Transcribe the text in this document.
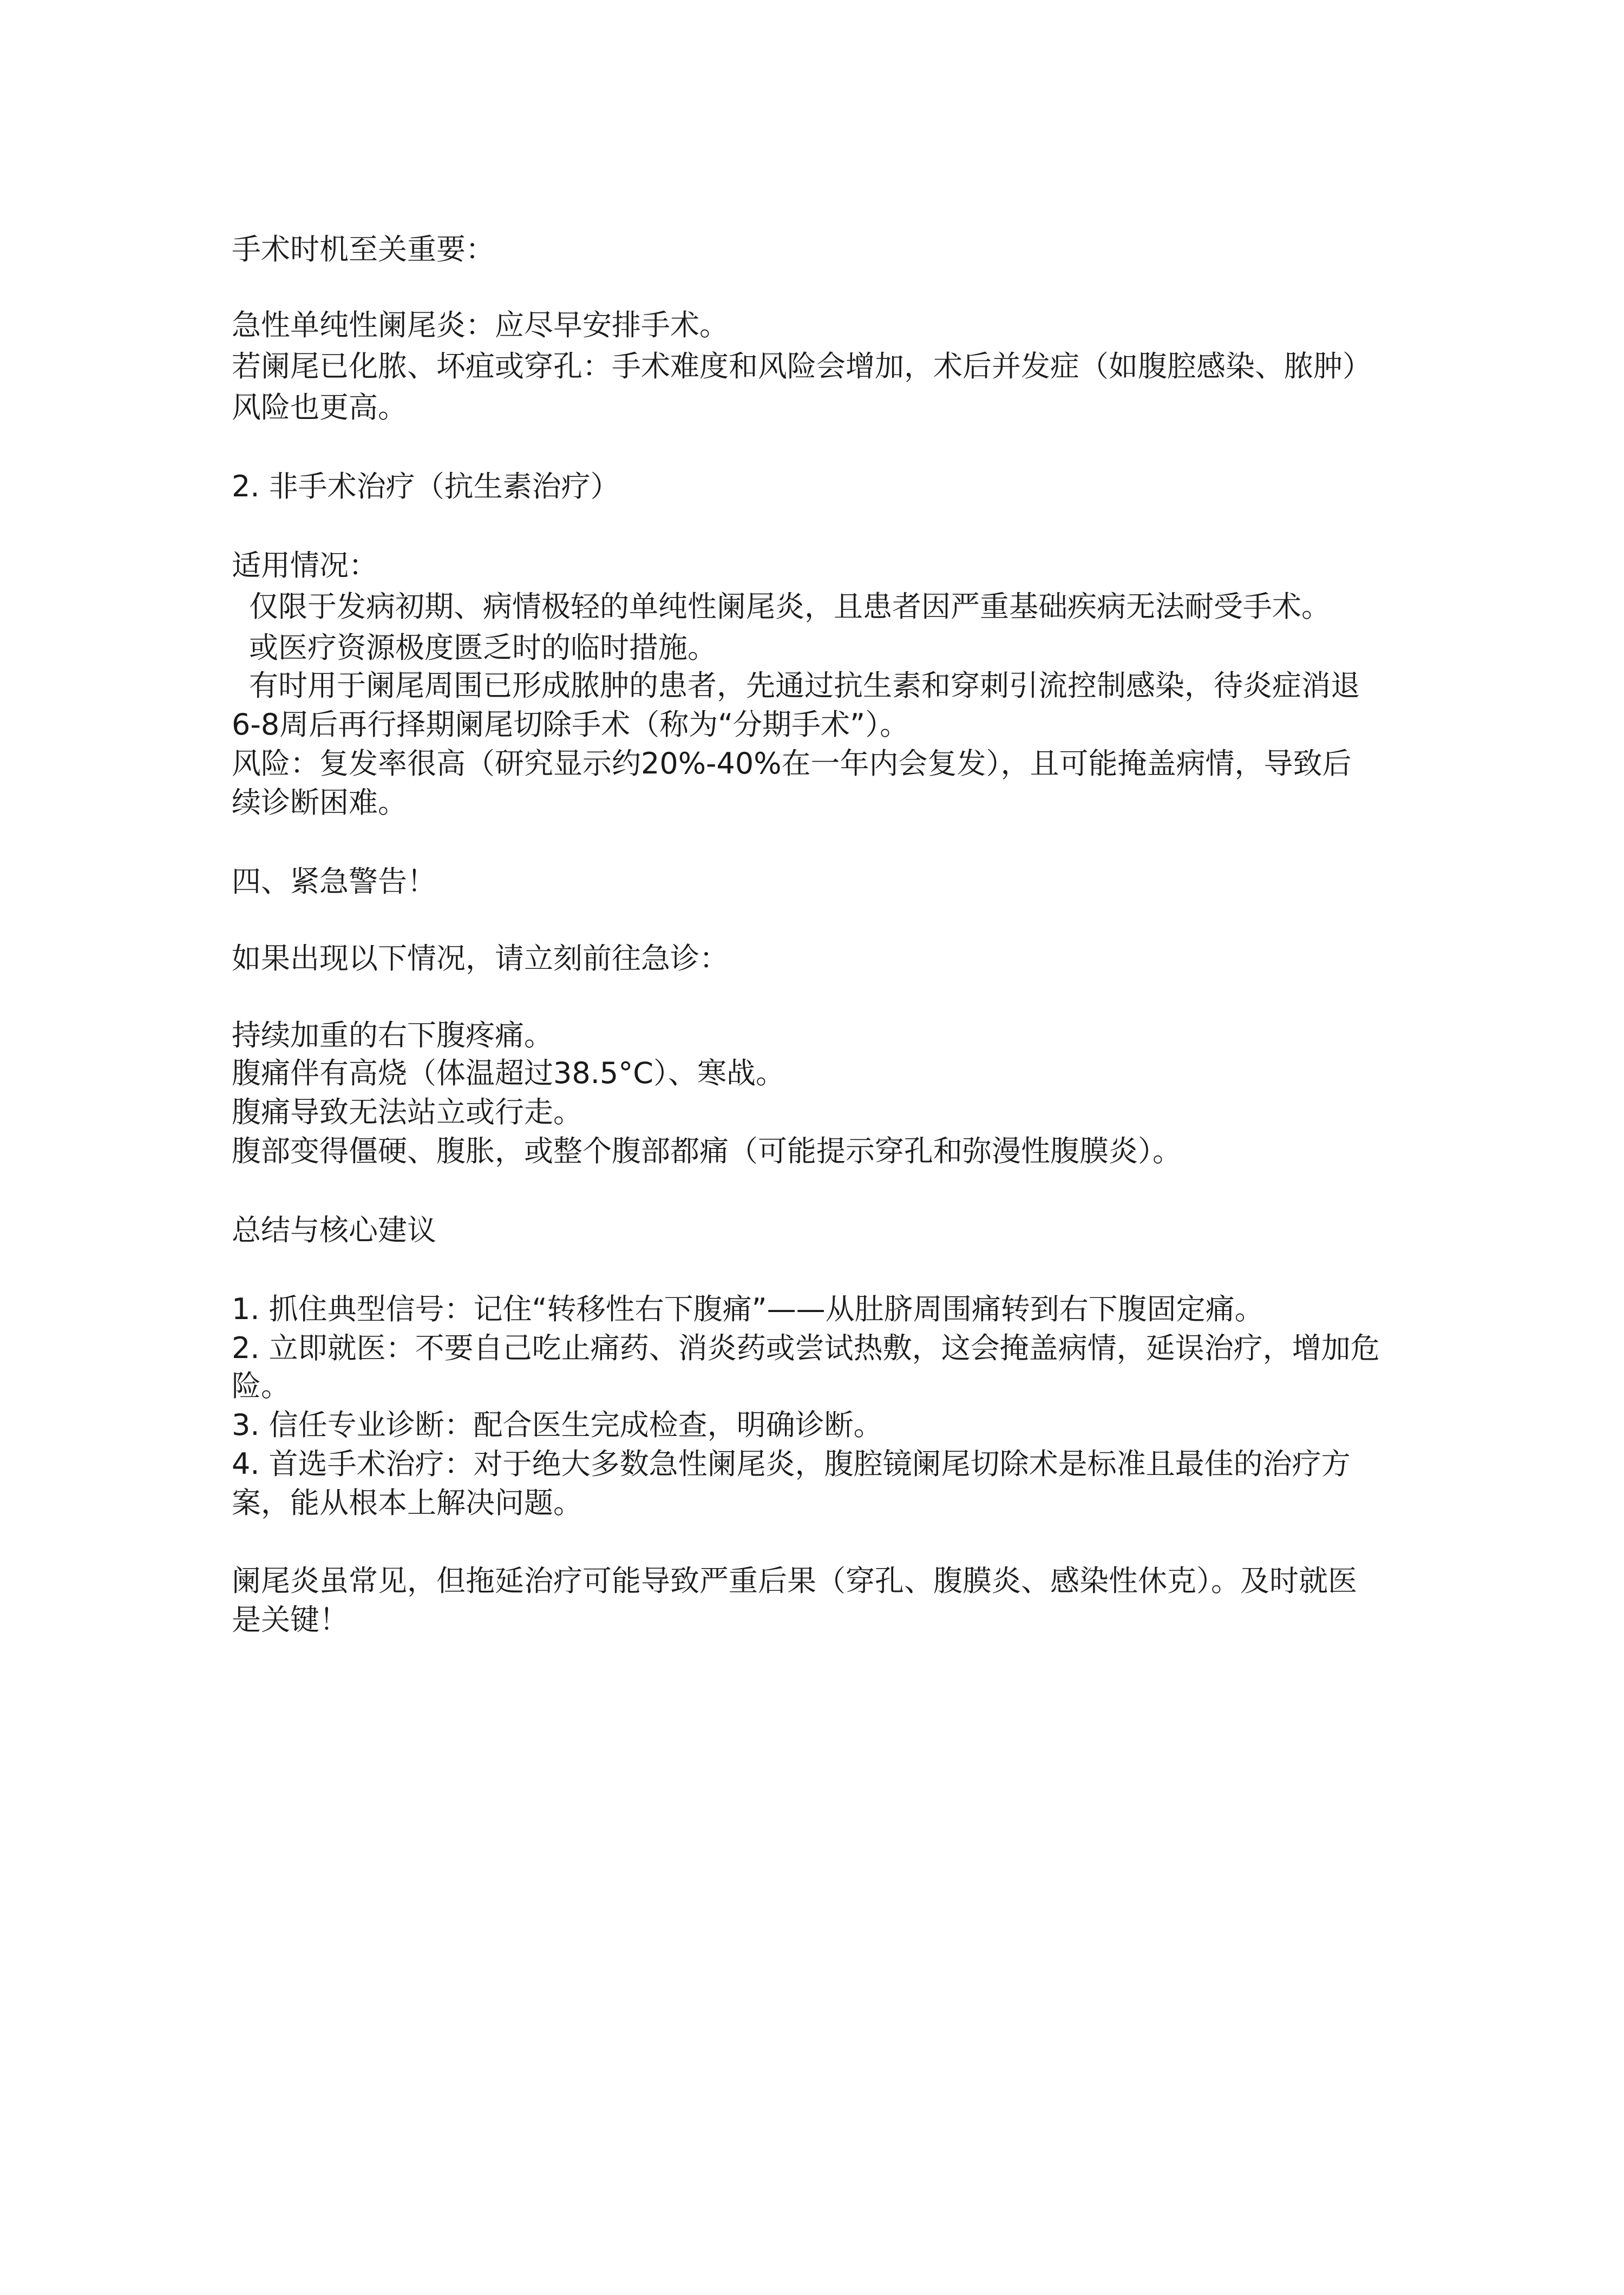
手术时机至关重要：
急性单纯性阑尾炎：应尽早安排手术。
若阑尾已化脓、坏疽或穿孔：手术难度和风险会增加，术后并发症（如腹腔感染、脓肿）
风险也更高。
2. 非手术治疗（抗生素治疗）
适用情况：
仅限于发病初期、病情极轻的单纯性阑尾炎，且患者因严重基础疾病无法耐受手术。
或医疗资源极度匮乏时的临时措施。
有时用于阑尾周围已形成脓肿的患者，先通过抗生素和穿刺引流控制感染，待炎症消退
6-8周后再行择期阑尾切除手术（称为“分期手术”）。
风险：复发率很高（研究显示约20%-40%在一年内会复发），且可能掩盖病情，导致后
续诊断困难。
四、紧急警告！
如果出现以下情况，请立刻前往急诊：
持续加重的右下腹疼痛。
腹痛伴有高烧（体温超过38.5°C）、寒战。
腹痛导致无法站立或行走。
腹部变得僵硬、腹胀，或整个腹部都痛（可能提示穿孔和弥漫性腹膜炎）。
总结与核心建议
1. 抓住典型信号：记住“转移性右下腹痛”——从肚脐周围痛转到右下腹固定痛。
2. 立即就医：不要自己吃止痛药、消炎药或尝试热敷，这会掩盖病情，延误治疗，增加危
险。
3. 信任专业诊断：配合医生完成检查，明确诊断。
4. 首选手术治疗：对于绝大多数急性阑尾炎，腹腔镜阑尾切除术是标准且最佳的治疗方
案，能从根本上解决问题。
阑尾炎虽常见，但拖延治疗可能导致严重后果（穿孔、腹膜炎、感染性休克）。及时就医
是关键！
